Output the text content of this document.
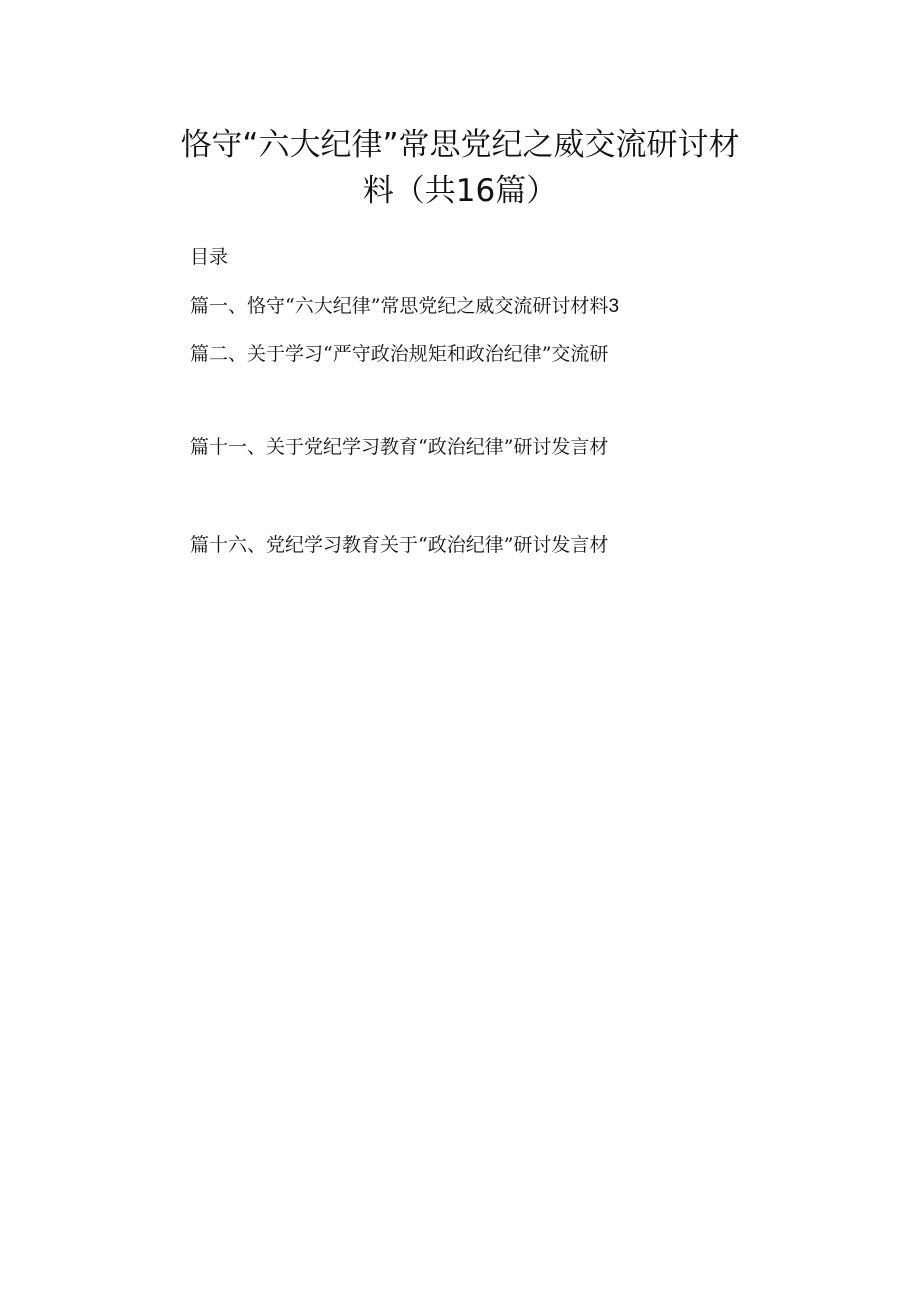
恪守“六大纪律”常思党纪之威交流研讨材
料（共16篇）

目录

篇一、恪守“六大纪律”常思党纪之威交流研讨材料3

篇二、关于学习“严守政治规矩和政治纪律”交流研

篇十一、关于党纪学习教育“政治纪律”研讨发言材

篇十六、党纪学习教育关于“政治纪律”研讨发言材
